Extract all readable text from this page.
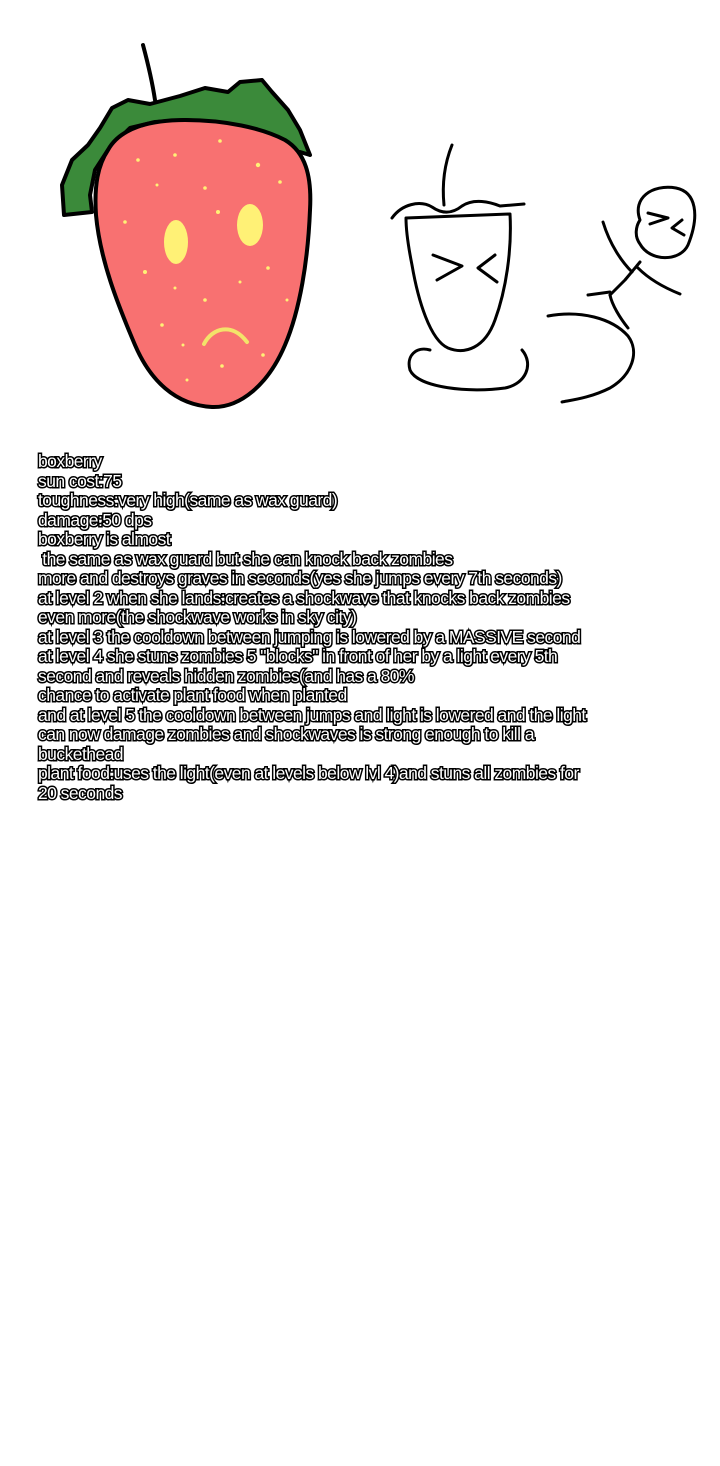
boxberry
sun cost:75
toughness:very high(same as wax guard)
damage:50 dps
boxberry is almost
the same as wax guard but she can knock back zombies
more and destroys graves in seconds(yes she jumps every 7th seconds)
at level 2 when she lands:creates a shockwave that knocks back zombies
even more(the shockwave works in sky city)
at level 3 the cooldown between jumping is lowered by a MASSIVE second
at level 4 she stuns zombies 5 "blocks" in front of her by a light every 5th
second and reveals hidden zombies(and has a 80%
chance to activate plant food when planted
and at level 5 the cooldown between jumps and light is lowered and the light
can now damage zombies and shockwaves is strong enough to kill a
buckethead
plant food:uses the light(even at levels below lvl 4)and stuns all zombies for
20 seconds
